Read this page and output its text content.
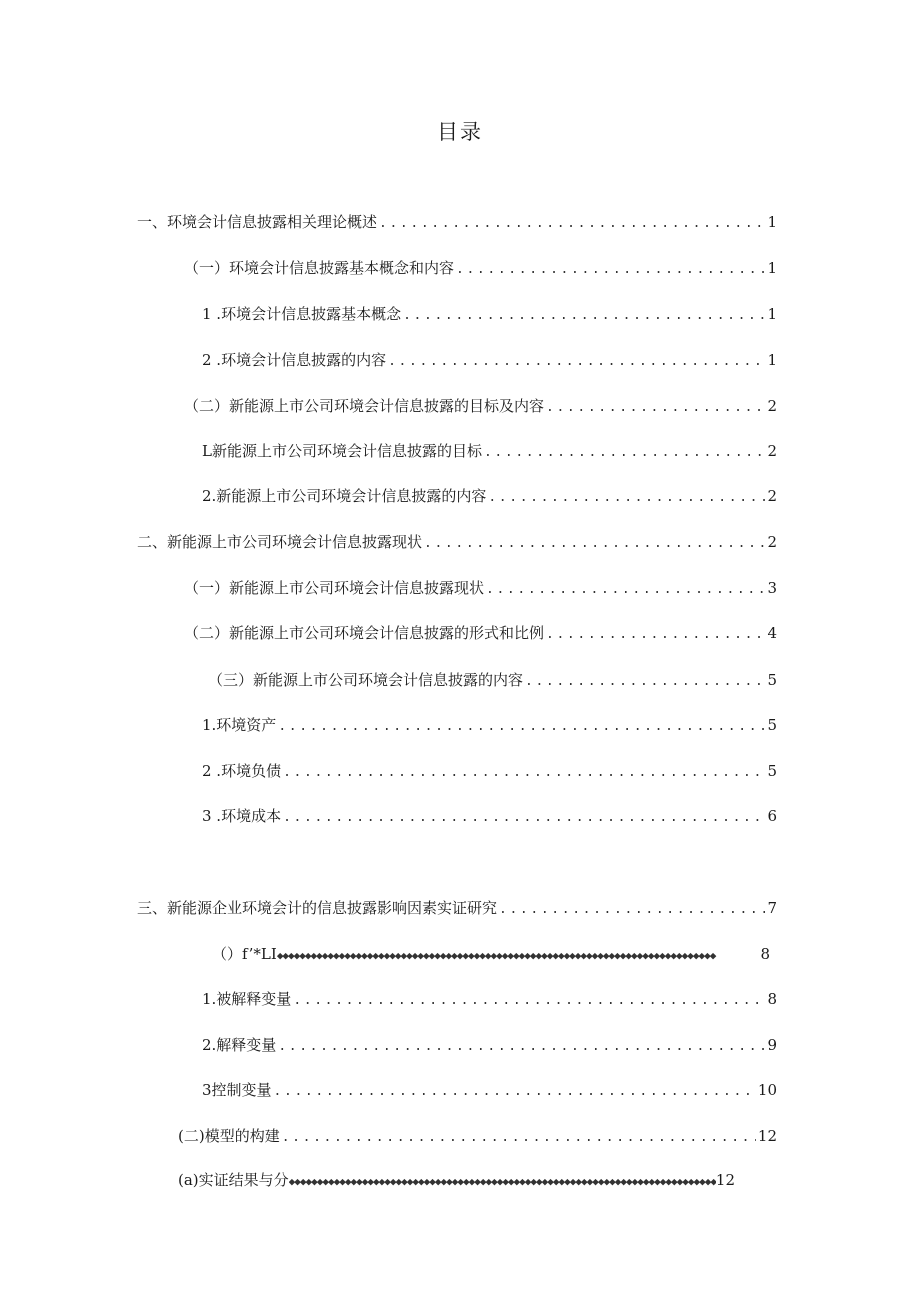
目录
一、环境会计信息披露相关理论概述 . . .	1
（一）环境会计信息披露基本概念和内容 . . .	1
1 .环境会计信息披露基本概念 . . .	1
2 .环境会计信息披露的内容 . . .	1
（二）新能源上市公司环境会计信息披露的目标及内容 . . .	2
L新能源上市公司环境会计信息披露的目标 . . .	2
2.新能源上市公司环境会计信息披露的内容 . . .	2
二、新能源上市公司环境会计信息披露现状 . . .	2
（一）新能源上市公司环境会计信息披露现状 . . .	3
（二）新能源上市公司环境会计信息披露的形式和比例 . . .	4
（三）新能源上市公司环境会计信息披露的内容 . . .	5
1.环境资产 . . .	5
2 .环境负债 . . .	5
3 .环境成本 . . .	6
三、新能源企业环境会计的信息披露影响因素实证研究 . . .	7
（）f’*LI ◆◆◆◆◆◆◆◆◆◆◆◆◆◆◆◆◆◆◆◆◆◆◆◆◆◆◆◆◆◆◆◆◆◆◆◆◆◆◆◆◆◆◆◆◆◆◆◆◆◆◆◆◆◆◆◆◆◆◆◆◆◆◆◆◆◆◆◆◆◆◆◆◆◆◆◆◆◆	8
1.被解释变量 . . .	8
2.解释变量 . . .	9
3控制变量 . . .	10
(二)模型的构建 . . .	12
(a)实证结果与分 ◆◆◆◆◆◆◆◆◆◆◆◆◆◆◆◆◆◆◆◆◆◆◆◆◆◆◆◆◆◆◆◆◆◆◆◆◆◆◆◆◆◆◆◆◆◆◆◆◆◆◆◆◆◆◆◆◆◆◆◆◆◆◆◆◆◆◆◆◆◆◆◆◆◆◆◆◆◆	12
